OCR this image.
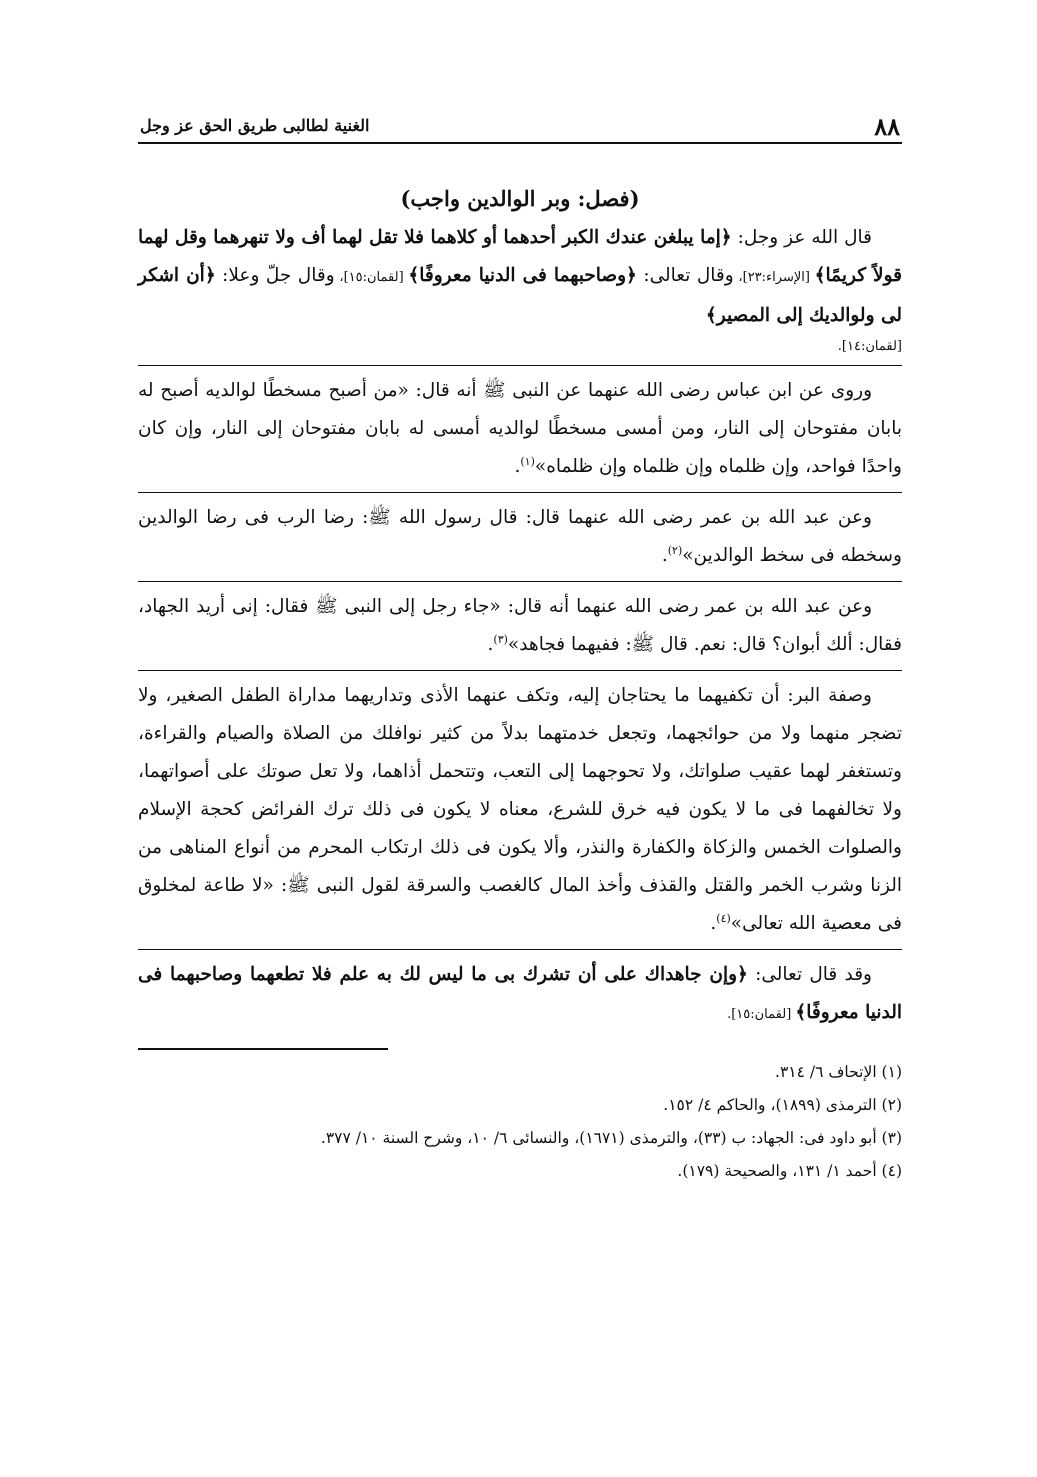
٨٨
الغنية لطالبى طريق الحق عز وجل
(فصل: وبر الوالدين واجب)

قال الله عز وجل: ﴿إما يبلغن عندك الكبر أحدهما أو كلاهما فلا تقل لهما أف ولا تنهرهما وقل لهما قولاً كريمًا﴾ [الإسراء:٢٣]، وقال تعالى: ﴿وصاحبهما فى الدنيا معروفًا﴾ [لقمان:١٥]، وقال جلّ وعلا: ﴿أن اشكر لى ولوالديك إلى المصير﴾
[لقمان:١٤].

وروى عن ابن عباس رضى الله عنهما عن النبى ﷺ أنه قال: «من أصبح مسخطًا لوالديه أصبح له بابان مفتوحان إلى النار، ومن أمسى مسخطًا لوالديه أمسى له بابان مفتوحان إلى النار، وإن كان واحدًا فواحد، وإن ظلماه وإن ظلماه وإن ظلماه»$^{(١)}$.

وعن عبد الله بن عمر رضى الله عنهما قال: قال رسول الله ﷺ: رضا الرب فى رضا الوالدين وسخطه فى سخط الوالدين»$^{(٢)}$.

وعن عبد الله بن عمر رضى الله عنهما أنه قال: «جاء رجل إلى النبى ﷺ فقال: إنى أريد الجهاد، فقال: ألك أبوان؟ قال: نعم. قال ﷺ: ففيهما فجاهد»$^{(٣)}$.

وصفة البر: أن تكفيهما ما يحتاجان إليه، وتكف عنهما الأذى وتداريهما مداراة الطفل الصغير، ولا تضجر منهما ولا من حوائجهما، وتجعل خدمتهما بدلاً من كثير نوافلك من الصلاة والصيام والقراءة، وتستغفر لهما عقيب صلواتك، ولا تحوجهما إلى التعب، وتتحمل أذاهما، ولا تعل صوتك على أصواتهما، ولا تخالفهما فى ما لا يكون فيه خرق للشرع، معناه لا يكون فى ذلك ترك الفرائض كحجة الإسلام والصلوات الخمس والزكاة والكفارة والنذر، وألا يكون فى ذلك ارتكاب المحرم من أنواع المناهى من الزنا وشرب الخمر والقتل والقذف وأخذ المال كالغصب والسرقة لقول النبى ﷺ: «لا طاعة لمخلوق فى معصية الله تعالى»$^{(٤)}$.

وقد قال تعالى: ﴿وإن جاهداك على أن تشرك بى ما ليس لك به علم فلا تطعهما وصاحبهما فى الدنيا معروفًا﴾ [لقمان:١٥].

(١) الإتحاف ٦/ ٣١٤.
(٢) الترمذى (١٨٩٩)، والحاكم ٤/ ١٥٢.
(٣) أبو داود فى: الجهاد: ب (٣٣)، والترمذى (١٦٧١)، والنسائى ٦/ ١٠، وشرح السنة ١٠/ ٣٧٧.
(٤) أحمد ١/ ١٣١، والصحيحة (١٧٩).
